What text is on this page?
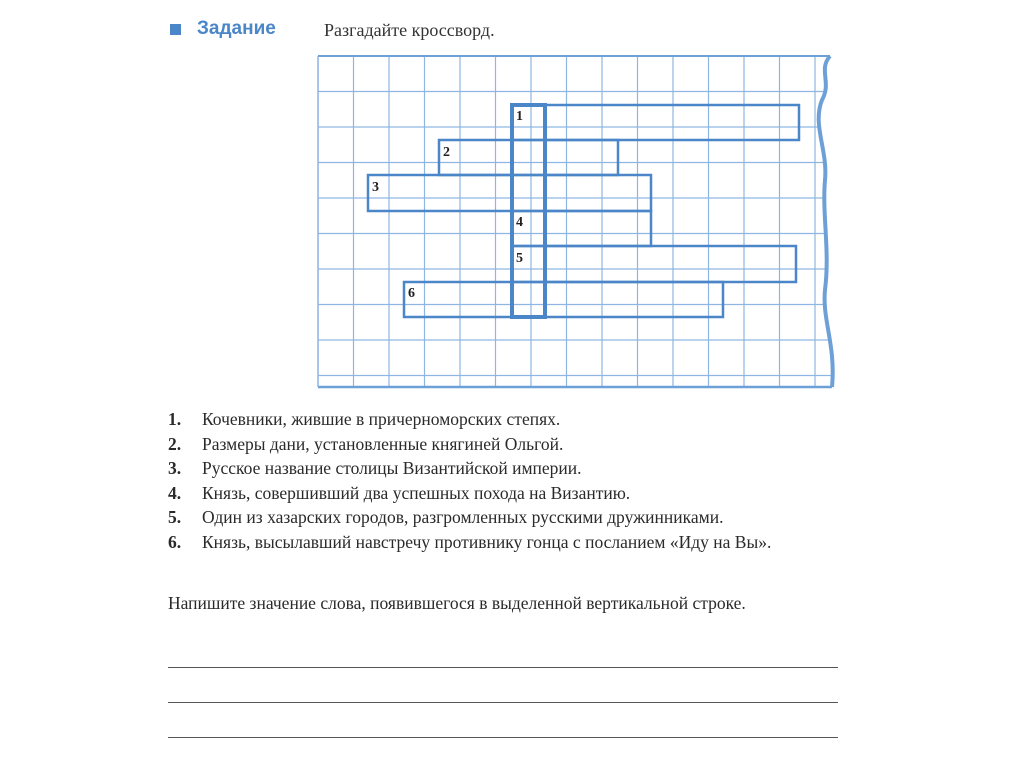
Задание	Разгадайте кроссворд.
1
2
3
4
5
6
1. Кочевники, жившие в причерноморских степях.
2. Размеры дани, установленные княгиней Ольгой.
3. Русское название столицы Византийской империи.
4. Князь, совершивший два успешных похода на Византию.
5. Один из хазарских городов, разгромленных русскими дружинниками.
6. Князь, высылавший навстречу противнику гонца с посланием «Иду на Вы».

Напишите значение слова, появившегося в выделенной вертикальной строке.
